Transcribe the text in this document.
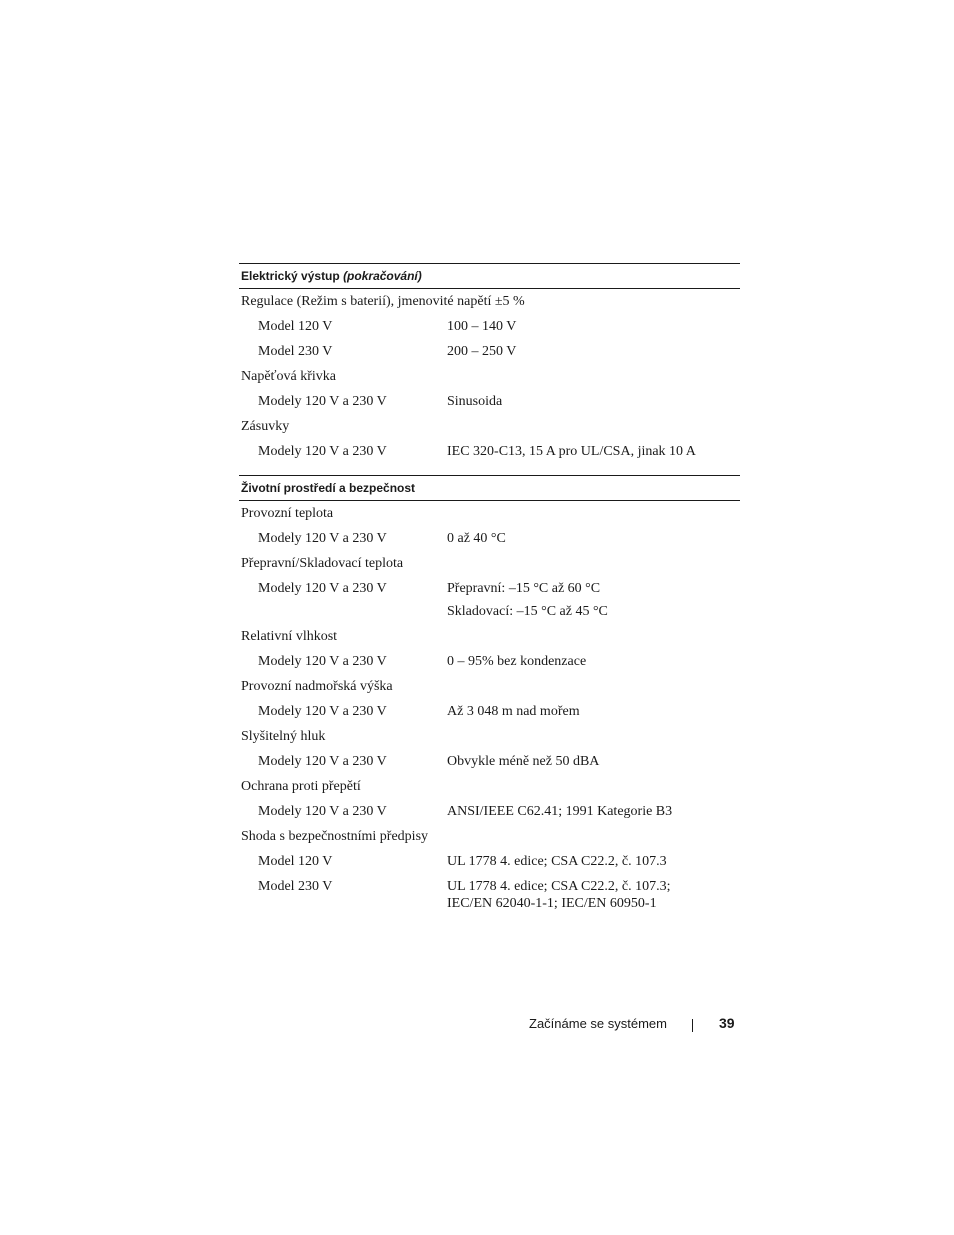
Elektrický výstup (pokračování)
Regulace (Režim s baterií), jmenovité napětí ±5 %
Model 120 V	100 – 140 V
Model 230 V	200 – 250 V
Napěťová křivka
Modely 120 V a 230 V	Sinusoida
Zásuvky
Modely 120 V a 230 V	IEC 320-C13, 15 A pro UL/CSA, jinak 10 A
Životní prostředí a bezpečnost
Provozní teplota
Modely 120 V a 230 V	0 až 40 °C
Přepravní/Skladovací teplota
Modely 120 V a 230 V	Přepravní: –15 °C až 60 °C
Skladovací: –15 °C až 45 °C
Relativní vlhkost
Modely 120 V a 230 V	0 – 95% bez kondenzace
Provozní nadmořská výška
Modely 120 V a 230 V	Až 3 048 m nad mořem
Slyšitelný hluk
Modely 120 V a 230 V	Obvykle méně než 50 dBA
Ochrana proti přepětí
Modely 120 V a 230 V	ANSI/IEEE C62.41; 1991 Kategorie B3
Shoda s bezpečnostními předpisy
Model 120 V	UL 1778 4. edice; CSA C22.2, č. 107.3
Model 230 V	UL 1778 4. edice; CSA C22.2, č. 107.3;
IEC/EN 62040-1-1; IEC/EN 60950-1
Začínáme se systémem	39
